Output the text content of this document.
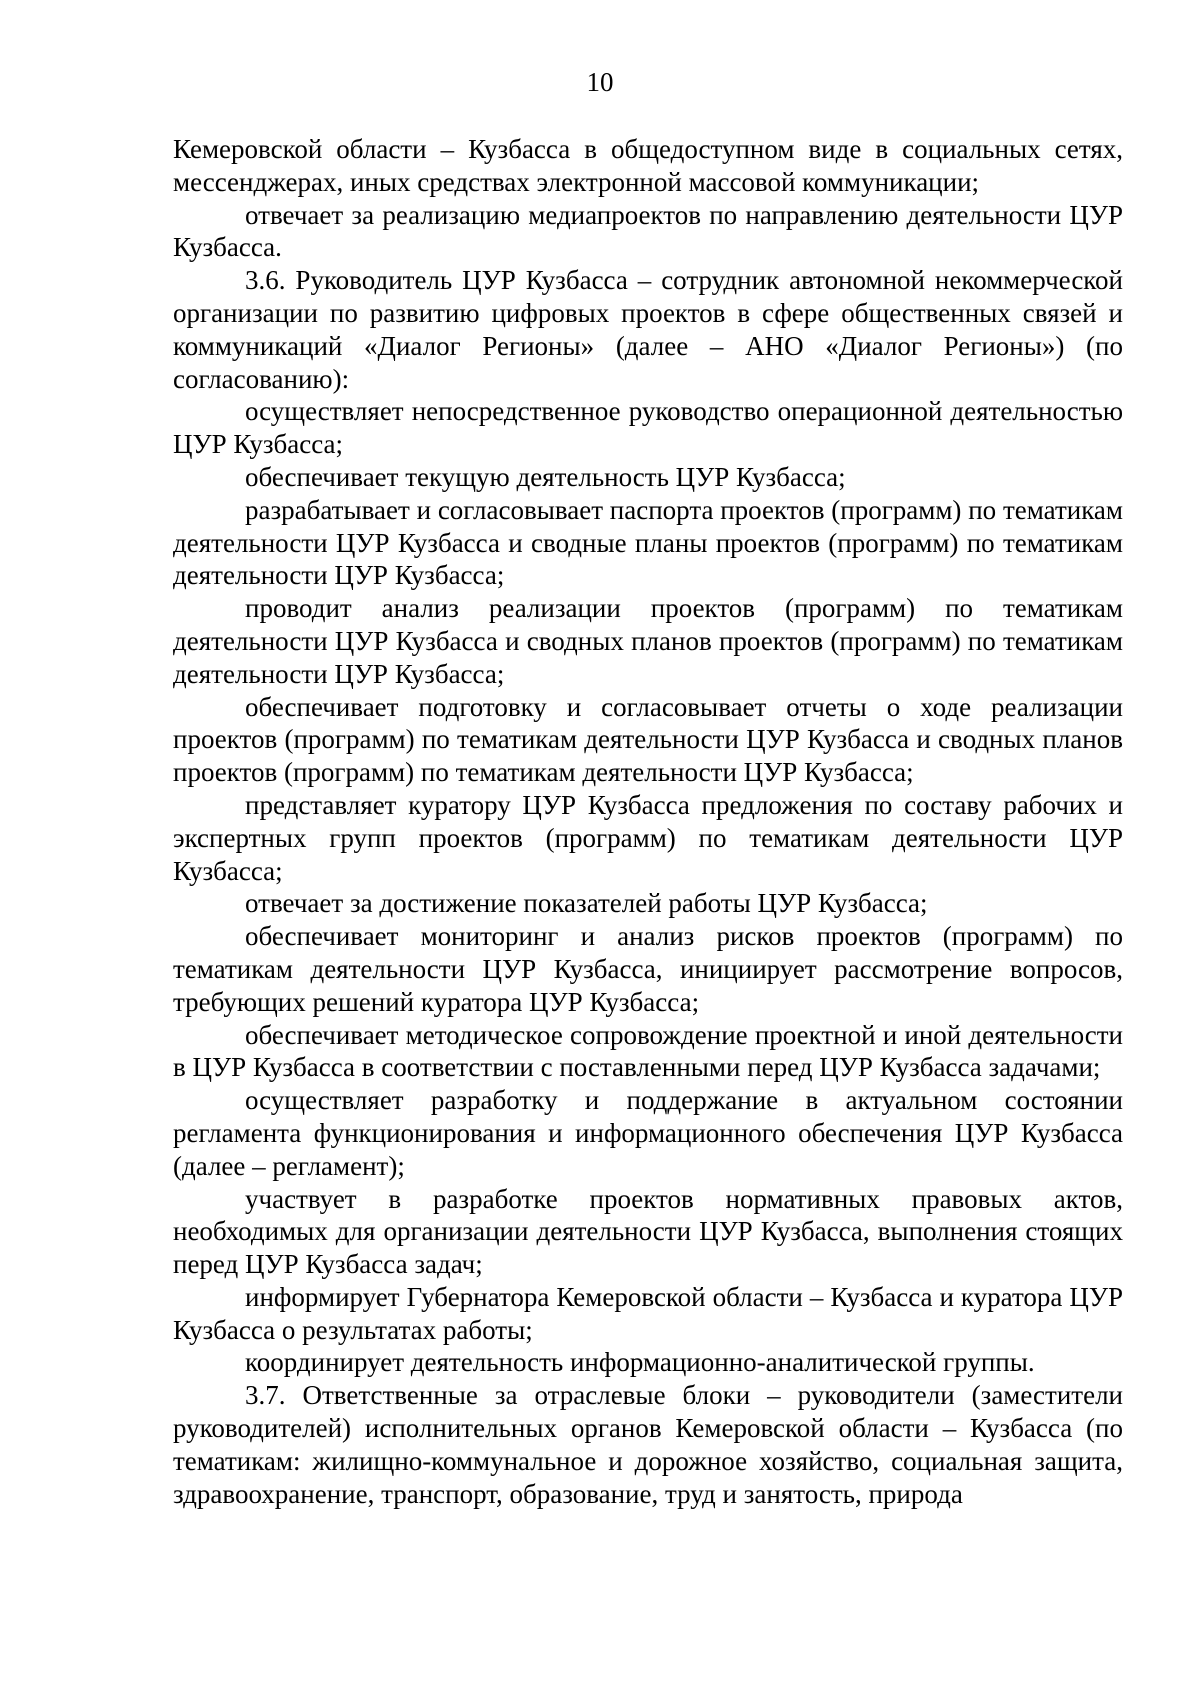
10

Кемеровской области – Кузбасса в общедоступном виде в социальных сетях, мессенджерах, иных средствах электронной массовой коммуникации;

отвечает за реализацию медиапроектов по направлению деятельности ЦУР Кузбасса.

3.6. Руководитель ЦУР Кузбасса – сотрудник автономной некоммерческой организации по развитию цифровых проектов в сфере общественных связей и коммуникаций «Диалог Регионы» (далее – АНО «Диалог Регионы») (по согласованию):

осуществляет непосредственное руководство операционной деятельностью ЦУР Кузбасса;

обеспечивает текущую деятельность ЦУР Кузбасса;

разрабатывает и согласовывает паспорта проектов (программ) по тематикам деятельности ЦУР Кузбасса и сводные планы проектов (программ) по тематикам деятельности ЦУР Кузбасса;

проводит анализ реализации проектов (программ) по тематикам деятельности ЦУР Кузбасса и сводных планов проектов (программ) по тематикам деятельности ЦУР Кузбасса;

обеспечивает подготовку и согласовывает отчеты о ходе реализации проектов (программ) по тематикам деятельности ЦУР Кузбасса и сводных планов проектов (программ) по тематикам деятельности ЦУР Кузбасса;

представляет куратору ЦУР Кузбасса предложения по составу рабочих и экспертных групп проектов (программ) по тематикам деятельности ЦУР Кузбасса;

отвечает за достижение показателей работы ЦУР Кузбасса;

обеспечивает мониторинг и анализ рисков проектов (программ) по тематикам деятельности ЦУР Кузбасса, инициирует рассмотрение вопросов, требующих решений куратора ЦУР Кузбасса;

обеспечивает методическое сопровождение проектной и иной деятельности в ЦУР Кузбасса в соответствии с поставленными перед ЦУР Кузбасса задачами;

осуществляет разработку и поддержание в актуальном состоянии регламента функционирования и информационного обеспечения ЦУР Кузбасса (далее – регламент);

участвует в разработке проектов нормативных правовых актов, необходимых для организации деятельности ЦУР Кузбасса, выполнения стоящих перед ЦУР Кузбасса задач;

информирует Губернатора Кемеровской области – Кузбасса и куратора ЦУР Кузбасса о результатах работы;

координирует деятельность информационно-аналитической группы.

3.7. Ответственные за отраслевые блоки – руководители (заместители руководителей) исполнительных органов Кемеровской области – Кузбасса (по тематикам: жилищно-коммунальное и дорожное хозяйство, социальная защита, здравоохранение, транспорт, образование, труд и занятость, природа
